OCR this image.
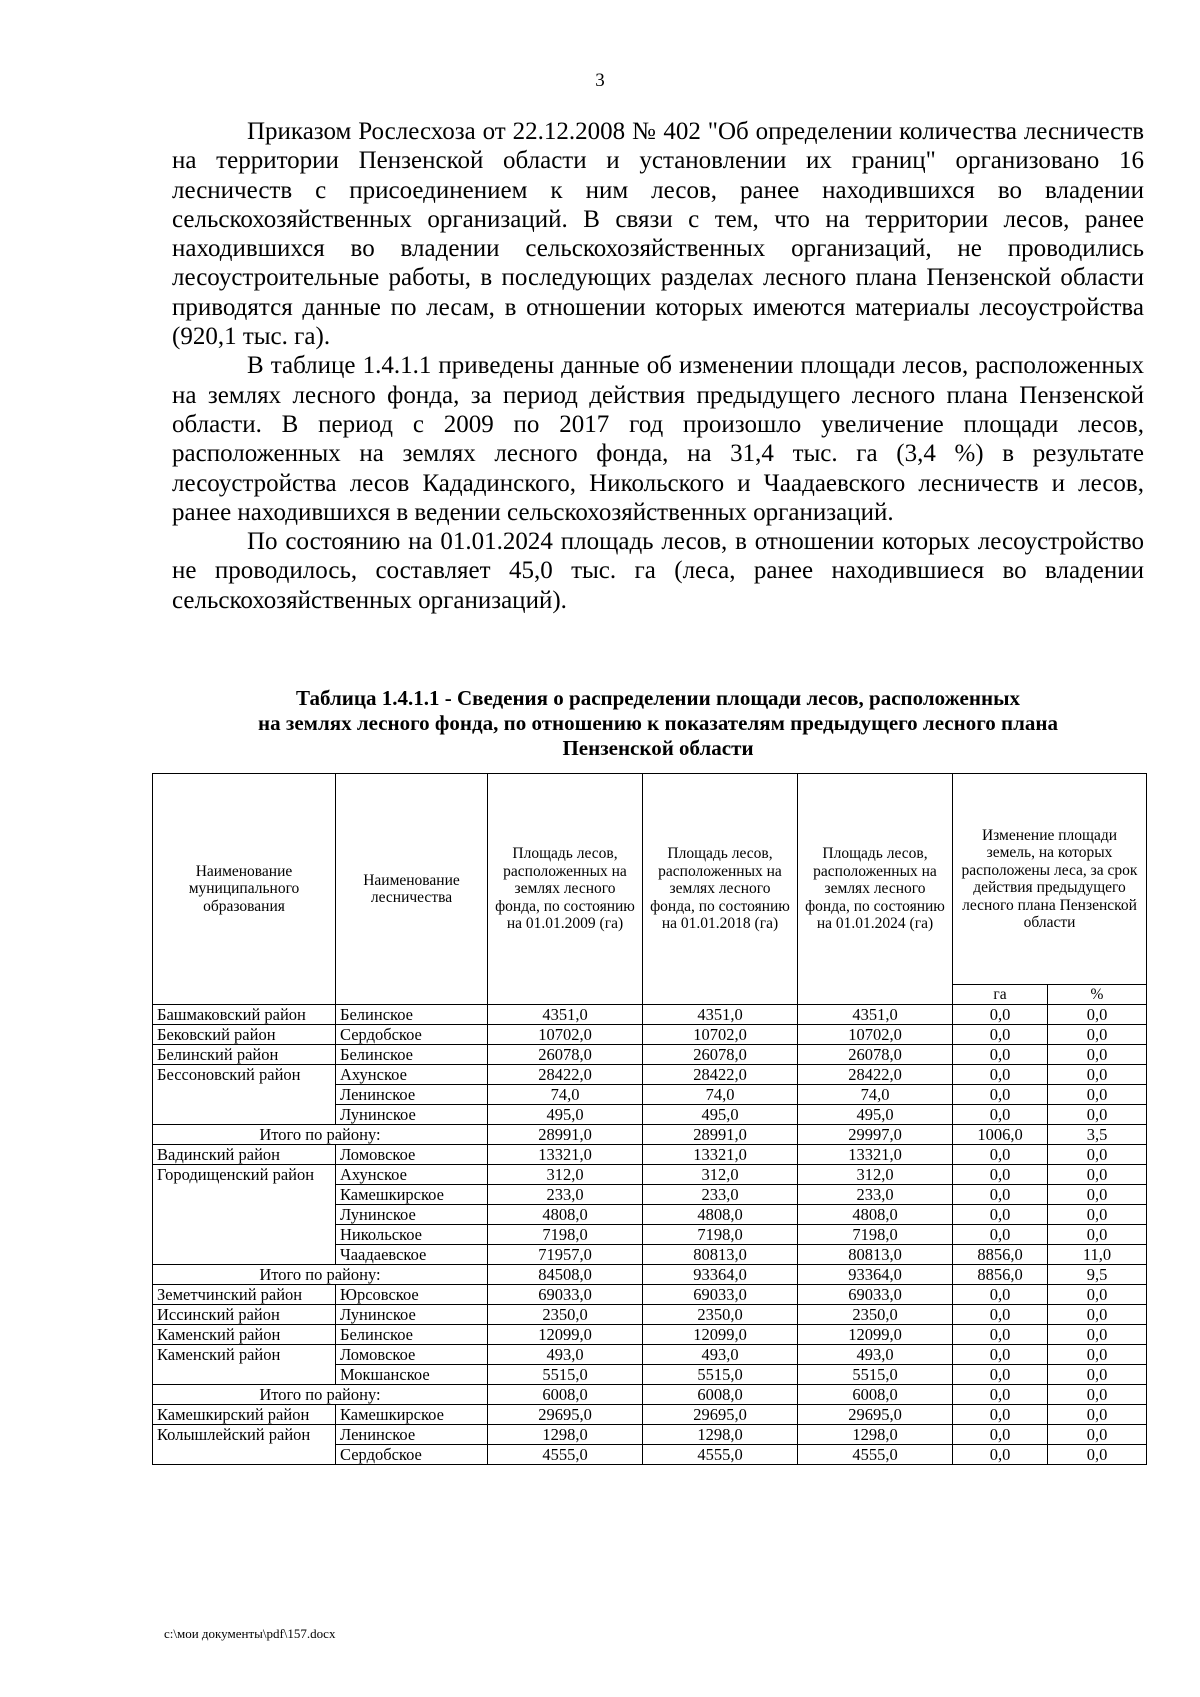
3

Приказом Рослесхоза от 22.12.2008 № 402 "Об определении количества лесничеств на территории Пензенской области и установлении их границ" организовано 16 лесничеств с присоединением к ним лесов, ранее находившихся во владении сельскохозяйственных организаций. В связи с тем, что на территории лесов, ранее находившихся во владении сельскохозяйственных организаций, не проводились лесоустроительные работы, в последующих разделах лесного плана Пензенской области приводятся данные по лесам, в отношении которых имеются материалы лесоустройства (920,1 тыс. га).

В таблице 1.4.1.1 приведены данные об изменении площади лесов, расположенных на землях лесного фонда, за период действия предыдущего лесного плана Пензенской области. В период с 2009 по 2017 год произошло увеличение площади лесов, расположенных на землях лесного фонда, на 31,4 тыс. га (3,4 %) в результате лесоустройства лесов Кададинского, Никольского и Чаадаевского лесничеств и лесов, ранее находившихся в ведении сельскохозяйственных организаций.

По состоянию на 01.01.2024 площадь лесов, в отношении которых лесоустройство не проводилось, составляет 45,0 тыс. га (леса, ранее находившиеся во владении сельскохозяйственных организаций).

Таблица 1.4.1.1 - Сведения о распределении площади лесов, расположенных
на землях лесного фонда, по отношению к показателям предыдущего лесного плана
Пензенской области
Наименование муниципального образования	Наименование лесничества	Площадь лесов, расположенных на землях лесного фонда, по состоянию на 01.01.2009 (га)	Площадь лесов, расположенных на землях лесного фонда, по состоянию на 01.01.2018 (га)	Площадь лесов, расположенных на землях лесного фонда, по состоянию на 01.01.2024 (га)	Изменение площади земель, на которых расположены леса, за срок действия предыдущего лесного плана Пензенской области	
					га	%
Башмаковский район	Белинское	4351,0	4351,0	4351,0	0,0	0,0
Бековский район	Сердобское	10702,0	10702,0	10702,0	0,0	0,0
Белинский район	Белинское	26078,0	26078,0	26078,0	0,0	0,0
Бессоновский район	Ахунское	28422,0	28422,0	28422,0	0,0	0,0
	Ленинское	74,0	74,0	74,0	0,0	0,0
	Лунинское	495,0	495,0	495,0	0,0	0,0
Итого по району:		28991,0	28991,0	29997,0	1006,0	3,5
Вадинский район	Ломовское	13321,0	13321,0	13321,0	0,0	0,0
Городищенский район	Ахунское	312,0	312,0	312,0	0,0	0,0
	Камешкирское	233,0	233,0	233,0	0,0	0,0
	Лунинское	4808,0	4808,0	4808,0	0,0	0,0
	Никольское	7198,0	7198,0	7198,0	0,0	0,0
	Чаадаевское	71957,0	80813,0	80813,0	8856,0	11,0
Итого по району:		84508,0	93364,0	93364,0	8856,0	9,5
Земетчинский район	Юрсовское	69033,0	69033,0	69033,0	0,0	0,0
Иссинский район	Лунинское	2350,0	2350,0	2350,0	0,0	0,0
Каменский район	Белинское	12099,0	12099,0	12099,0	0,0	0,0
Каменский район	Ломовское	493,0	493,0	493,0	0,0	0,0
	Мокшанское	5515,0	5515,0	5515,0	0,0	0,0
Итого по району:		6008,0	6008,0	6008,0	0,0	0,0
Камешкирский район	Камешкирское	29695,0	29695,0	29695,0	0,0	0,0
Колышлейский район	Ленинское	1298,0	1298,0	1298,0	0,0	0,0
	Сердобское	4555,0	4555,0	4555,0	0,0	0,0
c:\мои документы\pdf\157.docx
